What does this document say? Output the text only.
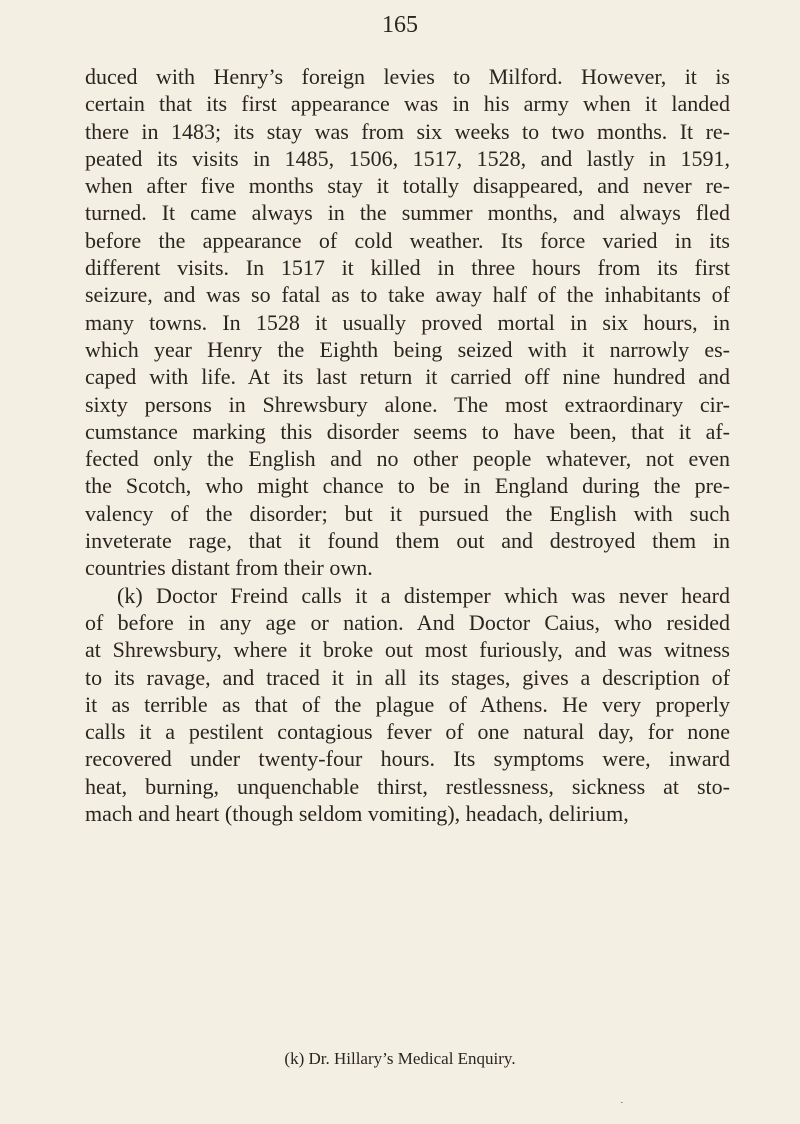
165
duced with Henry’s foreign levies to Milford. However, it is
certain that its first appearance was in his army when it landed
there in 1483; its stay was from six weeks to two months. It re-
peated its visits in 1485, 1506, 1517, 1528, and lastly in 1591,
when after five months stay it totally disappeared, and never re-
turned. It came always in the summer months, and always fled
before the appearance of cold weather. Its force varied in its
different visits. In 1517 it killed in three hours from its first
seizure, and was so fatal as to take away half of the inhabitants of
many towns. In 1528 it usually proved mortal in six hours, in
which year Henry the Eighth being seized with it narrowly es-
caped with life. At its last return it carried off nine hundred and
sixty persons in Shrewsbury alone. The most extraordinary cir-
cumstance marking this disorder seems to have been, that it af-
fected only the English and no other people whatever, not even
the Scotch, who might chance to be in England during the pre-
valency of the disorder; but it pursued the English with such
inveterate rage, that it found them out and destroyed them in
countries distant from their own.
(k) Doctor Freind calls it a distemper which was never heard
of before in any age or nation. And Doctor Caius, who resided
at Shrewsbury, where it broke out most furiously, and was witness
to its ravage, and traced it in all its stages, gives a description of
it as terrible as that of the plague of Athens. He very properly
calls it a pestilent contagious fever of one natural day, for none
recovered under twenty-four hours. Its symptoms were, inward
heat, burning, unquenchable thirst, restlessness, sickness at sto-
mach and heart (though seldom vomiting), headach, delirium,
(k) Dr. Hillary’s Medical Enquiry.
·
